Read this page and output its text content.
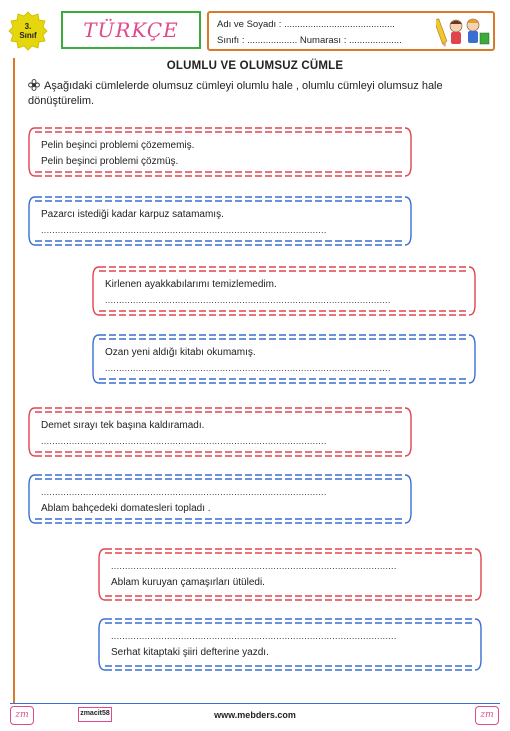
3.
Sınıf	TÜRKÇE	Adı ve Soyadı : ..........................................
Sınıfı : ................... Numarası : ....................
OLUMLU VE OLUMSUZ CÜMLE
Aşağıdaki cümlelerde olumsuz cümleyi olumlu hale , olumlu cümleyi olumsuz hale dönüştürelim.
Pelin beşinci problemi çözememiş.
Pelin beşinci problemi çözmüş.
Pazarcı istediği kadar karpuz satamamış.
......................................................................................................
Kirlenen ayakkabılarımı temizlemedim.
......................................................................................................
Ozan yeni aldığı kitabı okumamış.
......................................................................................................
Demet sırayı tek başına kaldıramadı.
......................................................................................................
......................................................................................................
Ablam bahçedeki domatesleri topladı .
......................................................................................................
Ablam kuruyan çamaşırları ütüledi.
......................................................................................................
Serhat kitaptaki şiiri defterine yazdı.
zm	zmacit58	www.mebders.com	zm
